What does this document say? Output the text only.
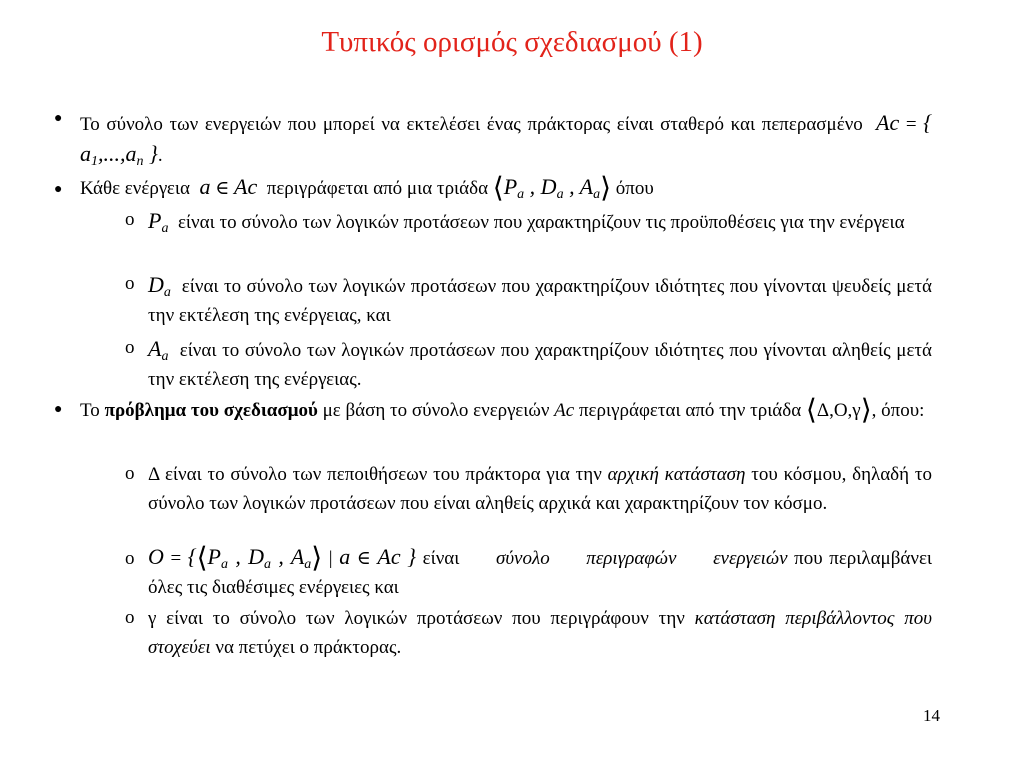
Τυπικός ορισμός σχεδιασμού (1)
● Το σύνολο των ενεργειών που μπορεί να εκτελέσει ένας πράκτορας είναι σταθερό και πεπερασμένο Ac = { $a_1,...,a_n$ }.
● Κάθε ενέργεια a ∈ Ac περιγράφεται από μια τριάδα $⟨P_a$ , $D_a$ , $A_a⟩$ όπου
o $P_a$ είναι το σύνολο των λογικών προτάσεων που χαρακτηρίζουν τις προϋποθέσεις για την ενέργεια
o $D_a$ είναι το σύνολο των λογικών προτάσεων που χαρακτηρίζουν ιδιότητες που γίνονται ψευδείς μετά την εκτέλεση της ενέργειας, και
o $A_a$ είναι το σύνολο των λογικών προτάσεων που χαρακτηρίζουν ιδιότητες που γίνονται αληθείς μετά την εκτέλεση της ενέργειας.
● Το πρόβλημα του σχεδιασμού με βάση το σύνολο ενεργειών Ac περιγράφεται από την τριάδα ⟨Δ,Ο,γ⟩, όπου:
o Δ είναι το σύνολο των πεποιθήσεων του πράκτορα για την αρχική κατάσταση του κόσμου, δηλαδή το σύνολο των λογικών προτάσεων που είναι αληθείς αρχικά και χαρακτηρίζουν τον κόσμο.
o $O = \{⟨P_a$ , $D_a$ , $A_a⟩$ | a ∈ Ac } είναι σύνολο περιγραφών ενεργειών που περιλαμβάνει όλες τις διαθέσιμες ενέργειες και
o γ είναι το σύνολο των λογικών προτάσεων που περιγράφουν την κατάσταση περιβάλλοντος που στοχεύει να πετύχει ο πράκτορας.
14
